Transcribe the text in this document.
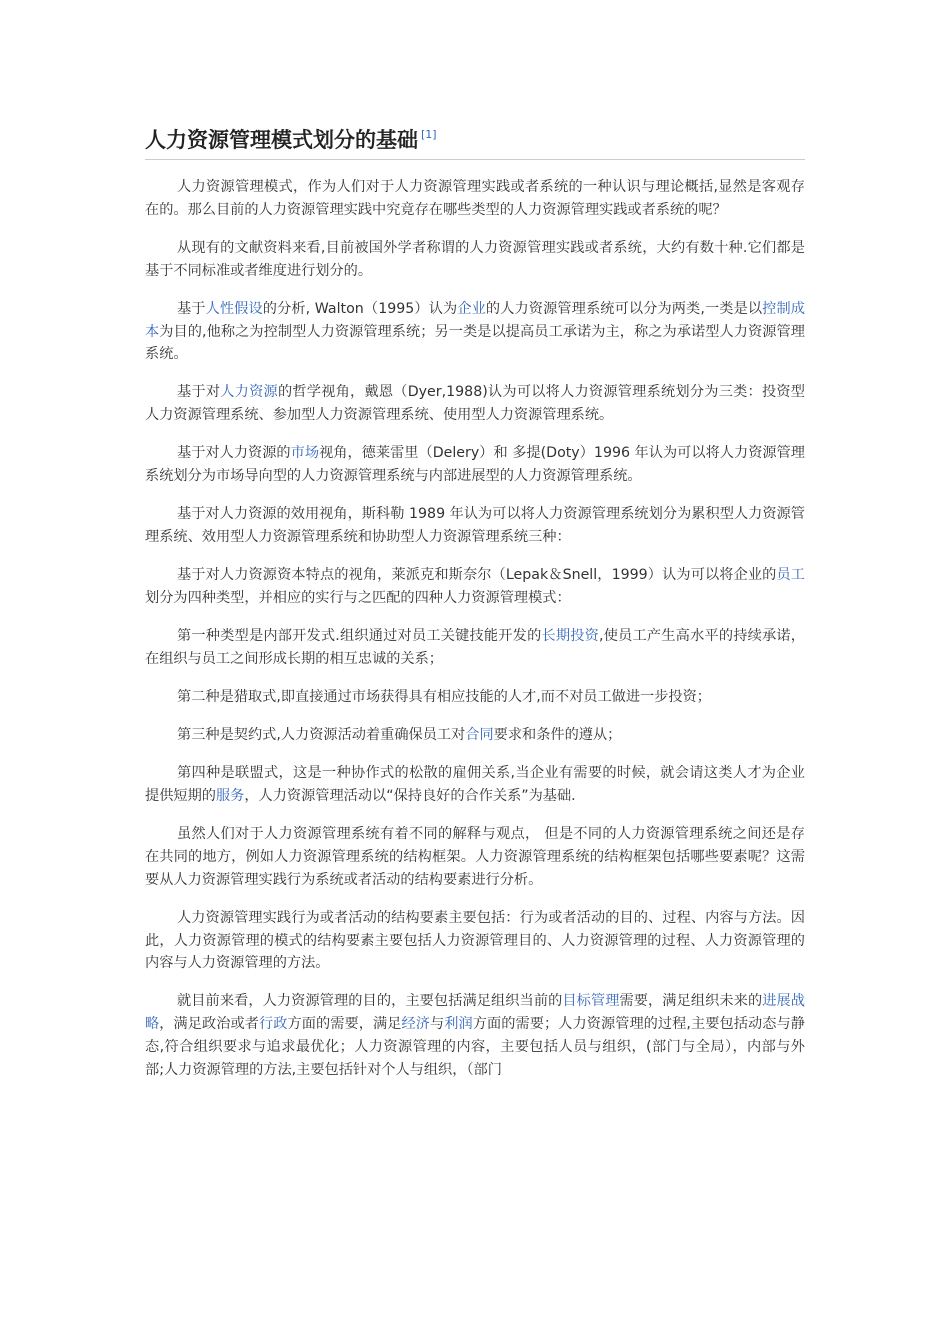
人力资源管理模式划分的基础 [1]

人力资源管理模式，作为人们对于人力资源管理实践或者系统的一种认识与理论概括,显然是客观存在的。那么目前的人力资源管理实践中究竟存在哪些类型的人力资源管理实践或者系统的呢？

从现有的文献资料来看,目前被国外学者称谓的人力资源管理实践或者系统，大约有数十种.它们都是基于不同标准或者维度进行划分的。

基于人性假设的分析, Walton（1995）认为企业的人力资源管理系统可以分为两类,一类是以控制成本为目的,他称之为控制型人力资源管理系统；另一类是以提高员工承诺为主，称之为承诺型人力资源管理系统。

基于对人力资源的哲学视角，戴恩（Dyer,1988)认为可以将人力资源管理系统划分为三类：投资型人力资源管理系统、参加型人力资源管理系统、使用型人力资源管理系统。

基于对人力资源的市场视角，德莱雷里（Delery）和 多提(Doty）1996 年认为可以将人力资源管理系统划分为市场导向型的人力资源管理系统与内部进展型的人力资源管理系统。

基于对人力资源的效用视角，斯科勒 1989 年认为可以将人力资源管理系统划分为累积型人力资源管理系统、效用型人力资源管理系统和协助型人力资源管理系统三种：

基于对人力资源资本特点的视角，莱派克和斯奈尔（Lepak＆Snell，1999）认为可以将企业的员工划分为四种类型，并相应的实行与之匹配的四种人力资源管理模式：

第一种类型是内部开发式.组织通过对员工关键技能开发的长期投资,使员工产生高水平的持续承诺，在组织与员工之间形成长期的相互忠诚的关系；

第二种是猎取式,即直接通过市场获得具有相应技能的人才,而不对员工做进一步投资；

第三种是契约式,人力资源活动着重确保员工对合同要求和条件的遵从；

第四种是联盟式，这是一种协作式的松散的雇佣关系,当企业有需要的时候，就会请这类人才为企业提供短期的服务，人力资源管理活动以“保持良好的合作关系”为基础.

虽然人们对于人力资源管理系统有着不同的解释与观点， 但是不同的人力资源管理系统之间还是存在共同的地方，例如人力资源管理系统的结构框架。人力资源管理系统的结构框架包括哪些要素呢？这需要从人力资源管理实践行为系统或者活动的结构要素进行分析。

人力资源管理实践行为或者活动的结构要素主要包括：行为或者活动的目的、过程、内容与方法。因此，人力资源管理的模式的结构要素主要包括人力资源管理目的、人力资源管理的过程、人力资源管理的内容与人力资源管理的方法。

就目前来看，人力资源管理的目的，主要包括满足组织当前的目标管理需要，满足组织未来的进展战略，满足政治或者行政方面的需要，满足经济与利润方面的需要；人力资源管理的过程,主要包括动态与静态,符合组织要求与追求最优化；人力资源管理的内容，主要包括人员与组织，(部门与全局），内部与外部;人力资源管理的方法,主要包括针对个人与组织，（部门
